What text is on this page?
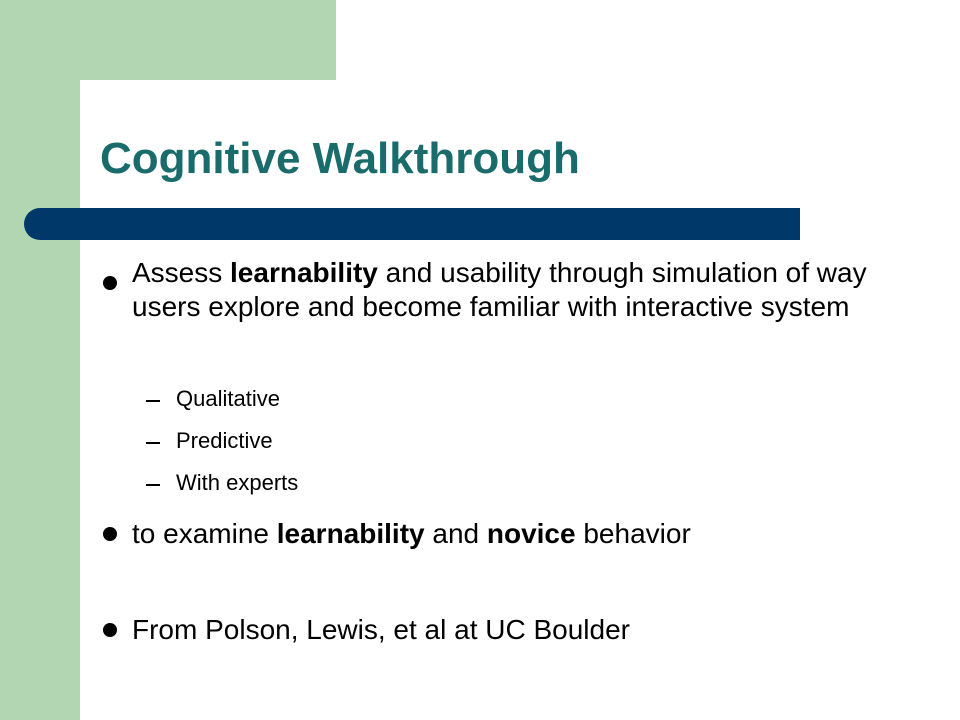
Cognitive Walkthrough

Assess learnability and usability through simulation of way users explore and become familiar with interactive system

Qualitative

Predictive

With experts

to examine learnability and novice behavior

From Polson, Lewis, et al at UC Boulder
